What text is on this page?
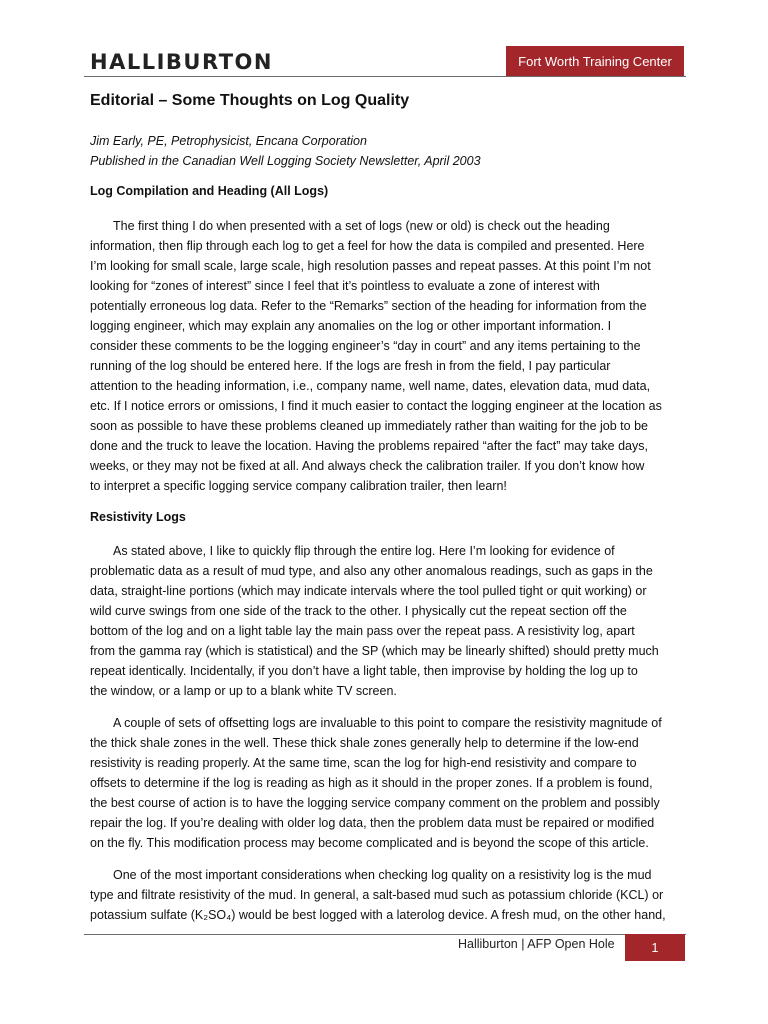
HALLIBURTON	Fort Worth Training Center
Editorial – Some Thoughts on Log Quality
Jim Early, PE, Petrophysicist, Encana Corporation
Published in the Canadian Well Logging Society Newsletter, April 2003
Log Compilation and Heading (All Logs)
The first thing I do when presented with a set of logs (new or old) is check out the heading
information, then flip through each log to get a feel for how the data is compiled and presented. Here
I’m looking for small scale, large scale, high resolution passes and repeat passes. At this point I’m not
looking for “zones of interest” since I feel that it’s pointless to evaluate a zone of interest with
potentially erroneous log data. Refer to the “Remarks” section of the heading for information from the
logging engineer, which may explain any anomalies on the log or other important information. I
consider these comments to be the logging engineer’s “day in court” and any items pertaining to the
running of the log should be entered here. If the logs are fresh in from the field, I pay particular
attention to the heading information, i.e., company name, well name, dates, elevation data, mud data,
etc. If I notice errors or omissions, I find it much easier to contact the logging engineer at the location as
soon as possible to have these problems cleaned up immediately rather than waiting for the job to be
done and the truck to leave the location. Having the problems repaired “after the fact” may take days,
weeks, or they may not be fixed at all. And always check the calibration trailer. If you don’t know how
to interpret a specific logging service company calibration trailer, then learn!
Resistivity Logs
As stated above, I like to quickly flip through the entire log. Here I’m looking for evidence of
problematic data as a result of mud type, and also any other anomalous readings, such as gaps in the
data, straight-line portions (which may indicate intervals where the tool pulled tight or quit working) or
wild curve swings from one side of the track to the other. I physically cut the repeat section off the
bottom of the log and on a light table lay the main pass over the repeat pass. A resistivity log, apart
from the gamma ray (which is statistical) and the SP (which may be linearly shifted) should pretty much
repeat identically. Incidentally, if you don’t have a light table, then improvise by holding the log up to
the window, or a lamp or up to a blank white TV screen.
A couple of sets of offsetting logs are invaluable to this point to compare the resistivity magnitude of
the thick shale zones in the well. These thick shale zones generally help to determine if the low-end
resistivity is reading properly. At the same time, scan the log for high-end resistivity and compare to
offsets to determine if the log is reading as high as it should in the proper zones. If a problem is found,
the best course of action is to have the logging service company comment on the problem and possibly
repair the log. If you’re dealing with older log data, then the problem data must be repaired or modified
on the fly. This modification process may become complicated and is beyond the scope of this article.
One of the most important considerations when checking log quality on a resistivity log is the mud
type and filtrate resistivity of the mud. In general, a salt-based mud such as potassium chloride (KCL) or
potassium sulfate (K₂SO₄) would be best logged with a laterolog device. A fresh mud, on the other hand,
Halliburton | AFP Open Hole	1
